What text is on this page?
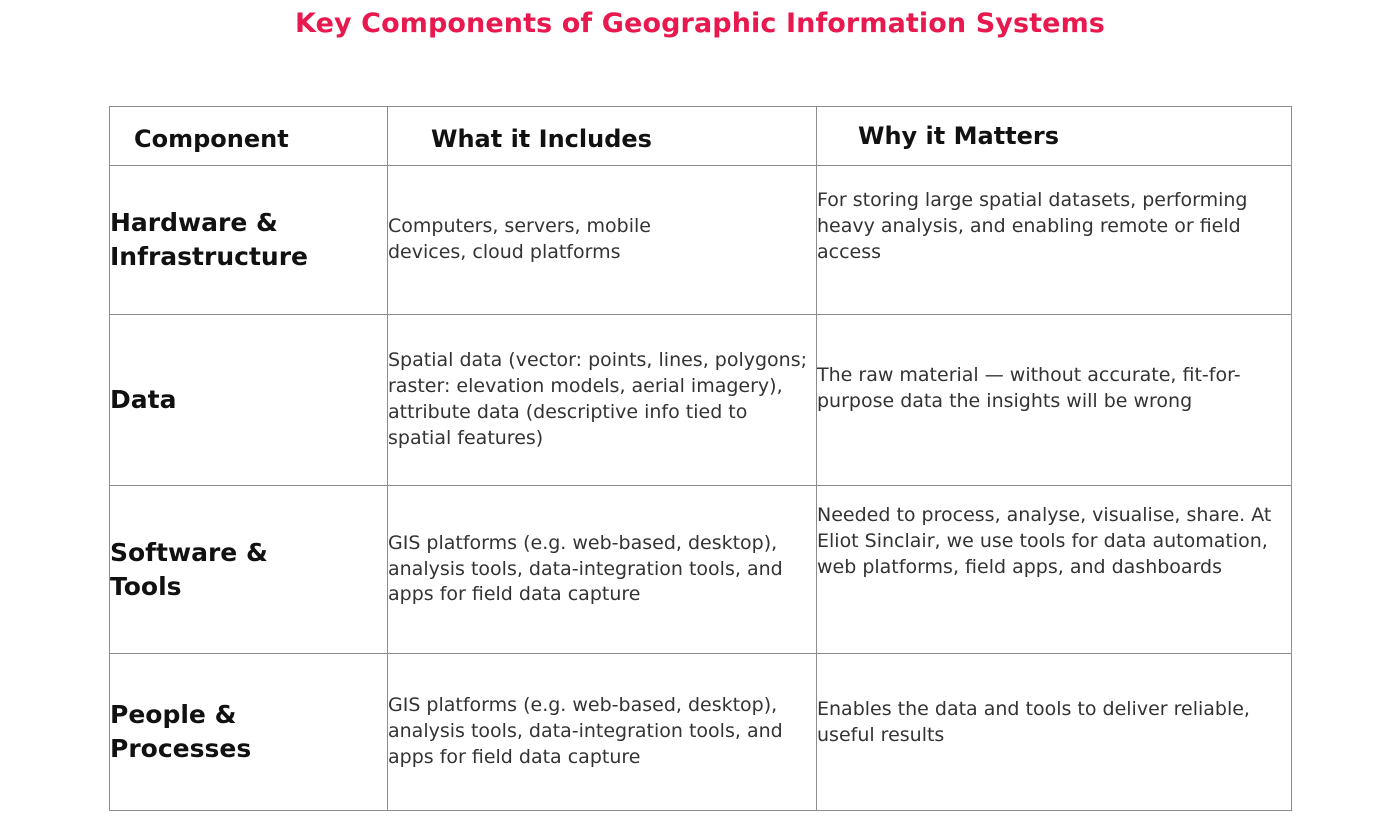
Key Components of Geographic Information Systems
Component	What it Includes	Why it Matters
Hardware & Infrastructure	Computers, servers, mobile devices, cloud platforms	For storing large spatial datasets, performing heavy analysis, and enabling remote or field access
Data	Spatial data (vector: points, lines, polygons; raster: elevation models, aerial imagery), attribute data (descriptive info tied to spatial features)	The raw material — without accurate, fit-for-purpose data the insights will be wrong
Software & Tools	GIS platforms (e.g. web-based, desktop), analysis tools, data-integration tools, and apps for field data capture	Needed to process, analyse, visualise, share. At Eliot Sinclair, we use tools for data automation, web platforms, field apps, and dashboards
People & Processes	GIS platforms (e.g. web-based, desktop), analysis tools, data-integration tools, and apps for field data capture	Enables the data and tools to deliver reliable, useful results
